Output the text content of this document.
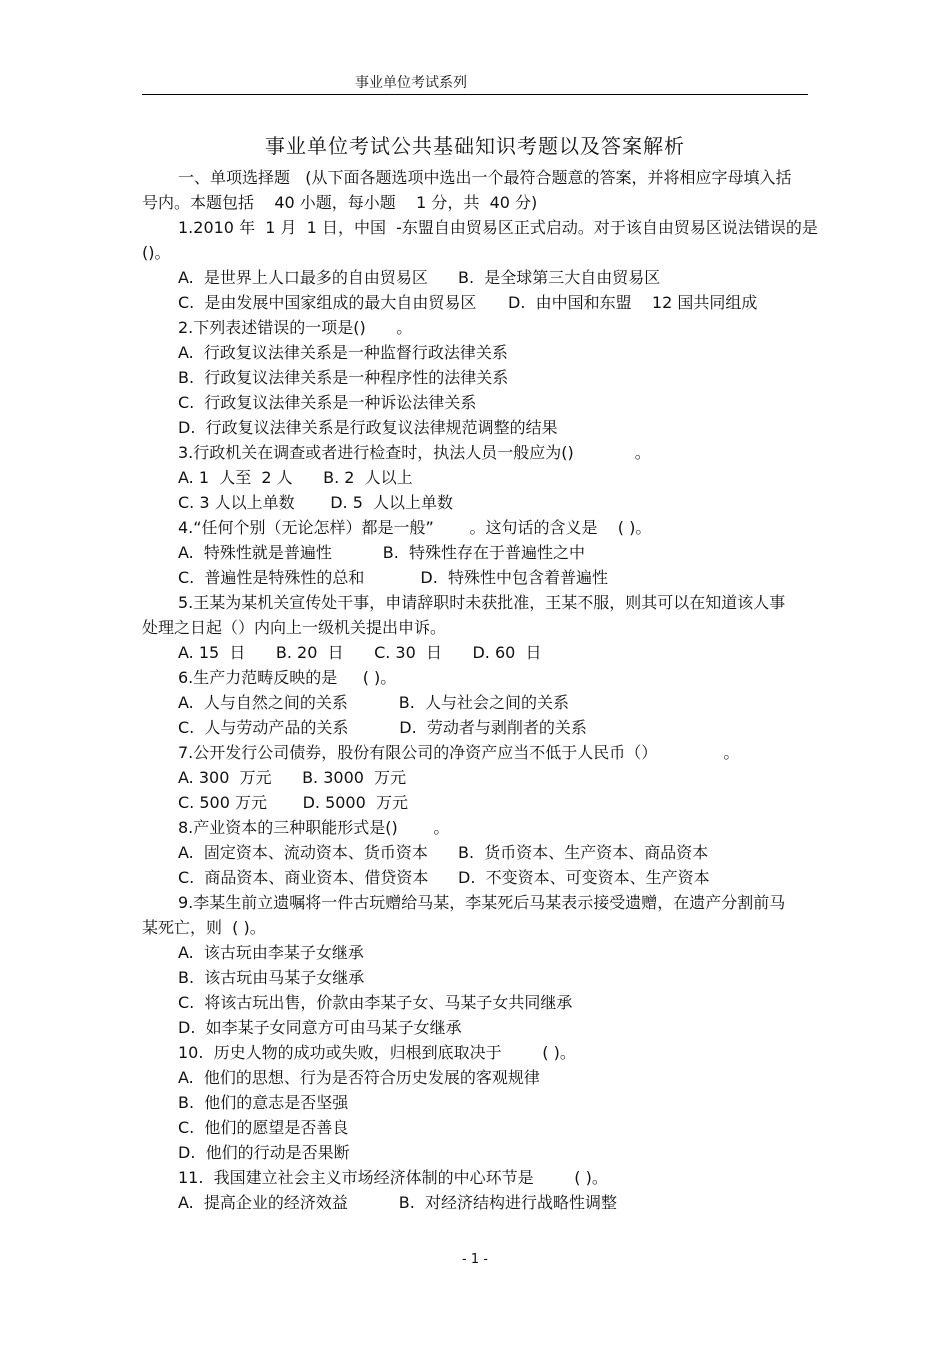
事业单位考试系列
事业单位考试公共基础知识考题以及答案解析
一、单项选择题   (从下面各题选项中选出一个最符合题意的答案，并将相应字母填入括
号内。本题包括    40 小题，每小题    1 分，共  40 分)
1.2010 年  1 月  1 日，中国  -东盟自由贸易区正式启动。对于该自由贸易区说法错误的是
()。
A.  是世界上人口最多的自由贸易区 B.  是全球第三大自由贸易区
C.  是由发展中国家组成的最大自由贸易区 D.  由中国和东盟    12 国共同组成
2.下列表述错误的一项是()      。
A.  行政复议法律关系是一种监督行政法律关系
B.  行政复议法律关系是一种程序性的法律关系
C.  行政复议法律关系是一种诉讼法律关系
D.  行政复议法律关系是行政复议法律规范调整的结果
3.行政机关在调查或者进行检查时，执法人员一般应为()            。
A. 1  人至  2 人      B. 2  人以上
C. 3 人以上单数       D. 5  人以上单数
4.“任何个别（无论怎样）都是一般”       。这句话的含义是    ( )。
A.  特殊性就是普遍性          B.  特殊性存在于普遍性之中
C.  普遍性是特殊性的总和           D.  特殊性中包含着普遍性
5.王某为某机关宣传处干事，申请辞职时未获批准，王某不服，则其可以在知道该人事
处理之日起（）内向上一级机关提出申诉。
A. 15  日      B. 20  日      C. 30  日      D. 60  日
6.生产力范畴反映的是     ( )。
A.  人与自然之间的关系          B.  人与社会之间的关系
C.  人与劳动产品的关系          D.  劳动者与剥削者的关系
7.公开发行公司债券，股份有限公司的净资产应当不低于人民币（）             。
A. 300  万元      B. 3000  万元
C. 500 万元       D. 5000  万元
8.产业资本的三种职能形式是()       。
A.  固定资本、流动资本、货币资本 B.  货币资本、生产资本、商品资本
C.  商品资本、商业资本、借贷资本 D.  不变资本、可变资本、生产资本
9.李某生前立遗嘱将一件古玩赠给马某，李某死后马某表示接受遗赠，在遗产分割前马
某死亡，则  ( )。
A.  该古玩由李某子女继承
B.  该古玩由马某子女继承
C.  将该古玩出售，价款由李某子女、马某子女共同继承
D.  如李某子女同意方可由马某子女继承
10.  历史人物的成功或失败，归根到底取决于        ( )。
A.  他们的思想、行为是否符合历史发展的客观规律
B.  他们的意志是否坚强
C.  他们的愿望是否善良
D.  他们的行动是否果断
11.  我国建立社会主义市场经济体制的中心环节是        ( )。
A.  提高企业的经济效益          B.  对经济结构进行战略性调整
- 1 -
